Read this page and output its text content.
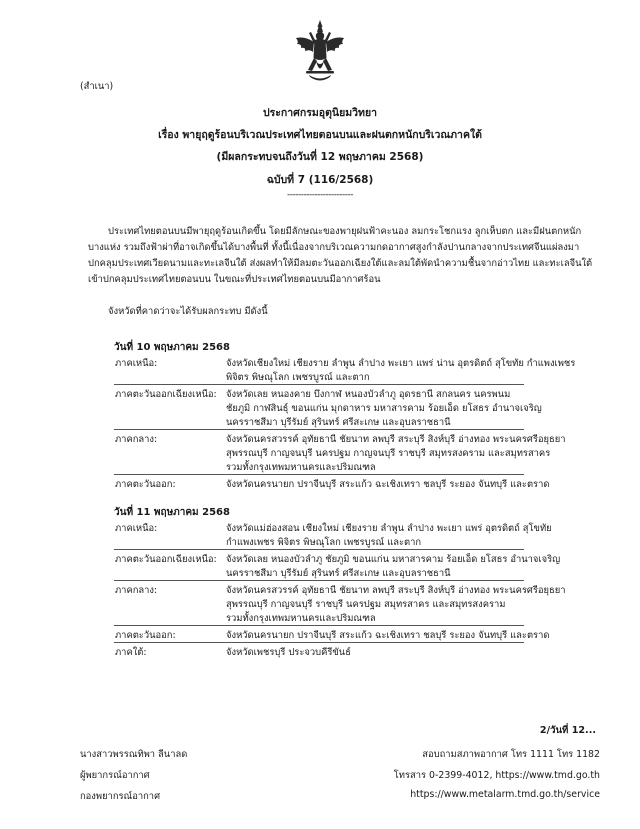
(สำเนา)
ประกาศกรมอุตุนิยมวิทยา
เรื่อง พายุฤดูร้อนบริเวณประเทศไทยตอนบนและฝนตกหนักบริเวณภาคใต้
(มีผลกระทบจนถึงวันที่ 12 พฤษภาคม 2568)
ฉบับที่ 7 (116/2568)
------------------------
ประเทศไทยตอนบนมีพายุฤดูร้อนเกิดขึ้น โดยมีลักษณะของพายุฝนฟ้าคะนอง ลมกระโชกแรง ลูกเห็บตก และมีฝนตกหนัก
บางแห่ง รวมถึงฟ้าผ่าที่อาจเกิดขึ้นได้บางพื้นที่ ทั้งนี้เนื่องจากบริเวณความกดอากาศสูงกำลังปานกลางจากประเทศจีนแผ่ลงมา
ปกคลุมประเทศเวียดนามและทะเลจีนใต้ ส่งผลทำให้มีลมตะวันออกเฉียงใต้และลมใต้พัดนำความชื้นจากอ่าวไทย และทะเลจีนใต้
เข้าปกคลุมประเทศไทยตอนบน ในขณะที่ประเทศไทยตอนบนมีอากาศร้อน
จังหวัดที่คาดว่าจะได้รับผลกระทบ มีดังนี้
วันที่ 10 พฤษภาคม 2568
ภาคเหนือ:	จังหวัดเชียงใหม่ เชียงราย ลำพูน ลำปาง พะเยา แพร่ น่าน อุตรดิตถ์ สุโขทัย กำแพงเพชร
พิจิตร พิษณุโลก เพชรบูรณ์ และตาก
ภาคตะวันออกเฉียงเหนือ: จังหวัดเลย หนองคาย บึงกาฬ หนองบัวลำภู อุดรธานี สกลนคร นครพนม
ชัยภูมิ กาฬสินธุ์ ขอนแก่น มุกดาหาร มหาสารคาม ร้อยเอ็ด ยโสธร อำนาจเจริญ
นครราชสีมา บุรีรัมย์ สุรินทร์ ศรีสะเกษ และอุบลราชธานี
ภาคกลาง:	จังหวัดนครสวรรค์ อุทัยธานี ชัยนาท ลพบุรี สระบุรี สิงห์บุรี อ่างทอง พระนครศรีอยุธยา
สุพรรณบุรี กาญจนบุรี นครปฐม กาญจนบุรี ราชบุรี สมุทรสงคราม และสมุทรสาคร
รวมทั้งกรุงเทพมหานครและปริมณฑล
ภาคตะวันออก:	จังหวัดนครนายก ปราจีนบุรี สระแก้ว ฉะเชิงเทรา ชลบุรี ระยอง จันทบุรี และตราด
วันที่ 11 พฤษภาคม 2568
ภาคเหนือ:	จังหวัดแม่ฮ่องสอน เชียงใหม่ เชียงราย ลำพูน ลำปาง พะเยา แพร่ อุตรดิตถ์ สุโขทัย
กำแพงเพชร พิจิตร พิษณุโลก เพชรบูรณ์ และตาก
ภาคตะวันออกเฉียงเหนือ: จังหวัดเลย หนองบัวลำภู ชัยภูมิ ขอนแก่น มหาสารคาม ร้อยเอ็ด ยโสธร อำนาจเจริญ
นครราชสีมา บุรีรัมย์ สุรินทร์ ศรีสะเกษ และอุบลราชธานี
ภาคกลาง:	จังหวัดนครสวรรค์ อุทัยธานี ชัยนาท ลพบุรี สระบุรี สิงห์บุรี อ่างทอง พระนครศรีอยุธยา
สุพรรณบุรี กาญจนบุรี ราชบุรี นครปฐม สมุทรสาคร และสมุทรสงคราม
รวมทั้งกรุงเทพมหานครและปริมณฑล
ภาคตะวันออก:	จังหวัดนครนายก ปราจีนบุรี สระแก้ว ฉะเชิงเทรา ชลบุรี ระยอง จันทบุรี และตราด
ภาคใต้:	จังหวัดเพชรบุรี ประจวบคีรีขันธ์
2/วันที่ 12...
นางสาวพรรณทิพา ลีนาลด
ผู้พยากรณ์อากาศ
กองพยากรณ์อากาศ
สอบถามสภาพอากาศ โทร 1111 โทร 1182
โทรสาร 0-2399-4012, https://www.tmd.go.th
https://www.metalarm.tmd.go.th/service
